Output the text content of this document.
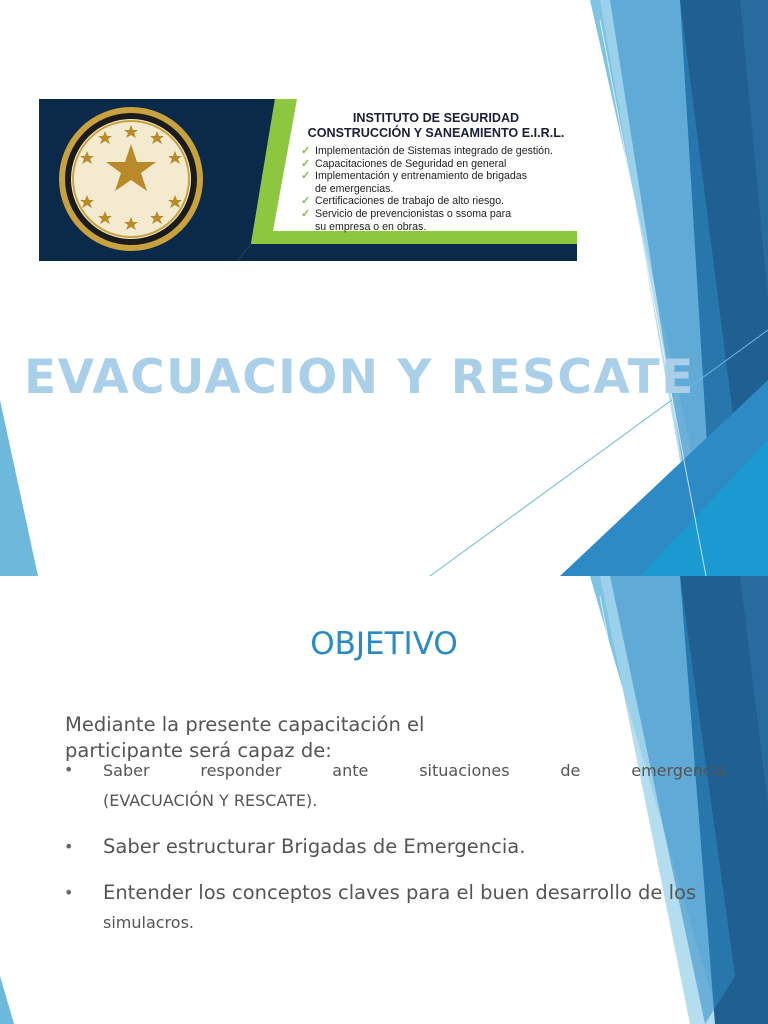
INSTITUTO DE SEGURIDAD
CONSTRUCCIÓN Y SANEAMIENTO E.I.R.L.
✓ Implementación de Sistemas integrado de gestión.
✓ Capacitaciones de Seguridad en general
✓ Implementación y entrenamiento de brigadas
de emergencias.
✓ Certificaciones de trabajo de alto riesgo.
✓ Servicio de prevencionistas o ssoma para
su empresa o en obras.
EVACUACION Y RESCATE
OBJETIVO
Mediante la presente capacitación el participante será capaz de:
• Saber responder ante situaciones de emergencia
(EVACUACIÓN Y RESCATE).
• Saber estructurar Brigadas de Emergencia.
• Entender los conceptos claves para el buen desarrollo de los
simulacros.
